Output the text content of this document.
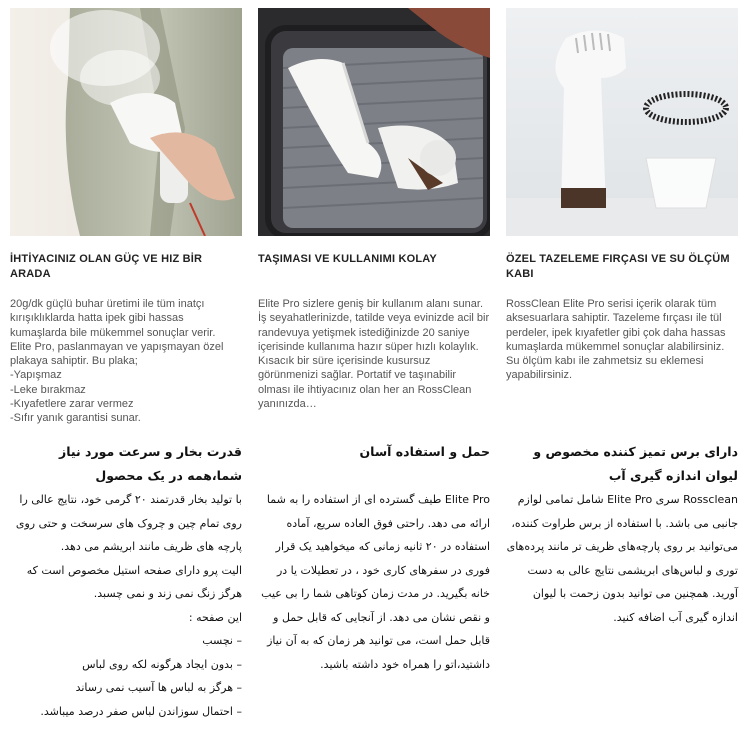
İHTİYACINIZ OLAN GÜÇ VE HIZ BİR ARADA
20g/dk güçlü buhar üretimi ile tüm inatçı kırışıklıklarda hatta ipek gibi hassas kumaşlarda bile mükemmel sonuçlar verir.
Elite Pro, paslanmayan ve yapışmayan özel plakaya sahiptir. Bu plaka;
-Yapışmaz
-Leke bırakmaz
-Kıyafetlere zarar vermez
-Sıfır yanık garantisi sunar.
قدرت بخار و سرعت مورد نیاز شما،همه در یک محصول
با تولید بخار قدرتمند ۲۰ گرمی خود، نتایج عالی را روی تمام چین و چروک های سرسخت و حتی روی پارچه های ظریف مانند ابریشم می دهد.
الیت پرو دارای صفحه استیل مخصوص است که هرگز زنگ نمی زند و نمی چسبد.
این صفحه :
– نچسب
– بدون ایجاد هرگونه لکه روی لباس
– هرگز به لباس ها آسیب نمی رساند
– احتمال سوزاندن لباس صفر درصد میباشد.
TAŞIMASI VE KULLANIMI KOLAY
Elite Pro sizlere geniş bir kullanım alanı sunar. İş seyahatlerinizde, tatilde veya evinizde acil bir randevuya yetişmek istediğinizde 20 saniye içerisinde kullanıma hazır süper hızlı kolaylık. Kısacık bir süre içerisinde kusursuz görünmenizi sağlar. Portatif ve taşınabilir olması ile ihtiyacınız olan her an RossClean yanınızda…
حمل و استفاده آسان
Elite Pro طیف گسترده ای از استفاده را به شما ارائه می دهد. راحتی فوق العاده سریع، آماده استفاده در ۲۰ ثانیه زمانی که میخواهید یک قرار فوری در سفرهای کاری خود ، در تعطیلات یا در خانه بگیرید. در مدت زمان کوتاهی شما را بی عیب و نقص نشان می دهد. از آنجایی که قابل حمل و قابل حمل است، می توانید هر زمان که به آن نیاز داشتید،اتو را همراه خود داشته باشید.
ÖZEL TAZELEME FIRÇASI VE SU ÖLÇÜM KABI
RossClean Elite Pro serisi içerik olarak tüm aksesuarlara sahiptir. Tazeleme fırçası ile tül perdeler, ipek kıyafetler gibi çok daha hassas kumaşlarda mükemmel sonuçlar alabilirsiniz. Su ölçüm kabı ile zahmetsiz su eklemesi yapabilirsiniz.
دارای برس تمیز کننده مخصوص و لیوان اندازه گیری آب
Rossclean سری Elite Pro شامل تمامی لوازم جانبی می باشد. با استفاده از برس طراوت کننده، می‌توانید بر روی پارچه‌های ظریف تر مانند پرده‌های توری و لباس‌های ابریشمی نتایج عالی به دست آورید. همچنین می توانید بدون زحمت با لیوان اندازه گیری آب اضافه کنید.
